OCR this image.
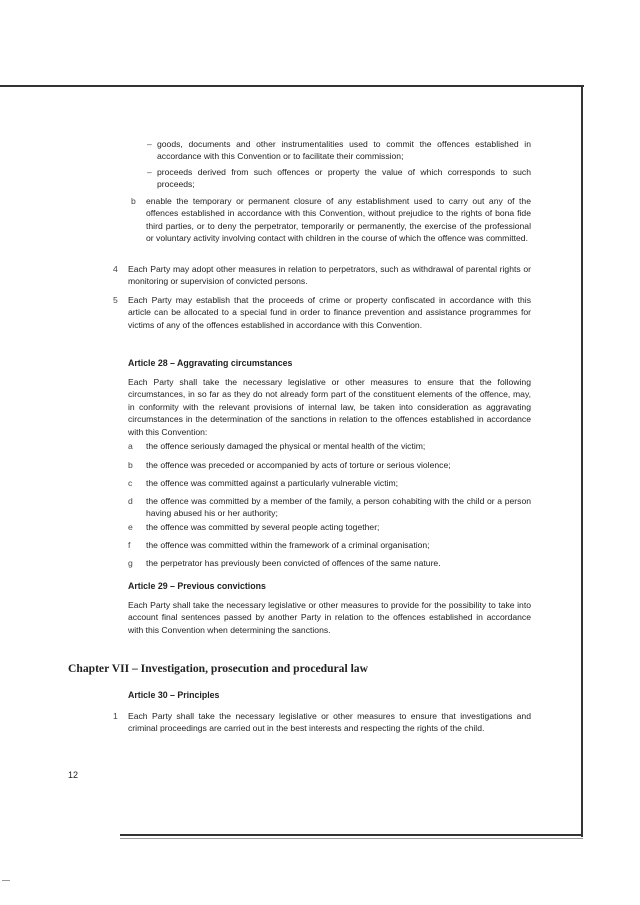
– goods, documents and other instrumentalities used to commit the offences established in accordance with this Convention or to facilitate their commission;
– proceeds derived from such offences or property the value of which corresponds to such proceeds;
b enable the temporary or permanent closure of any establishment used to carry out any of the offences established in accordance with this Convention, without prejudice to the rights of bona fide third parties, or to deny the perpetrator, temporarily or permanently, the exercise of the professional or voluntary activity involving contact with children in the course of which the offence was committed.
4 Each Party may adopt other measures in relation to perpetrators, such as withdrawal of parental rights or monitoring or supervision of convicted persons.
5 Each Party may establish that the proceeds of crime or property confiscated in accordance with this article can be allocated to a special fund in order to finance prevention and assistance programmes for victims of any of the offences established in accordance with this Convention.
Article 28 – Aggravating circumstances
Each Party shall take the necessary legislative or other measures to ensure that the following circumstances, in so far as they do not already form part of the constituent elements of the offence, may, in conformity with the relevant provisions of internal law, be taken into consideration as aggravating circumstances in the determination of the sanctions in relation to the offences established in accordance with this Convention:
a the offence seriously damaged the physical or mental health of the victim;
b the offence was preceded or accompanied by acts of torture or serious violence;
c the offence was committed against a particularly vulnerable victim;
d the offence was committed by a member of the family, a person cohabiting with the child or a person having abused his or her authority;
e the offence was committed by several people acting together;
f the offence was committed within the framework of a criminal organisation;
g the perpetrator has previously been convicted of offences of the same nature.
Article 29 – Previous convictions
Each Party shall take the necessary legislative or other measures to provide for the possibility to take into account final sentences passed by another Party in relation to the offences established in accordance with this Convention when determining the sanctions.
Chapter VII – Investigation, prosecution and procedural law
Article 30 – Principles
1 Each Party shall take the necessary legislative or other measures to ensure that investigations and criminal proceedings are carried out in the best interests and respecting the rights of the child.
12
